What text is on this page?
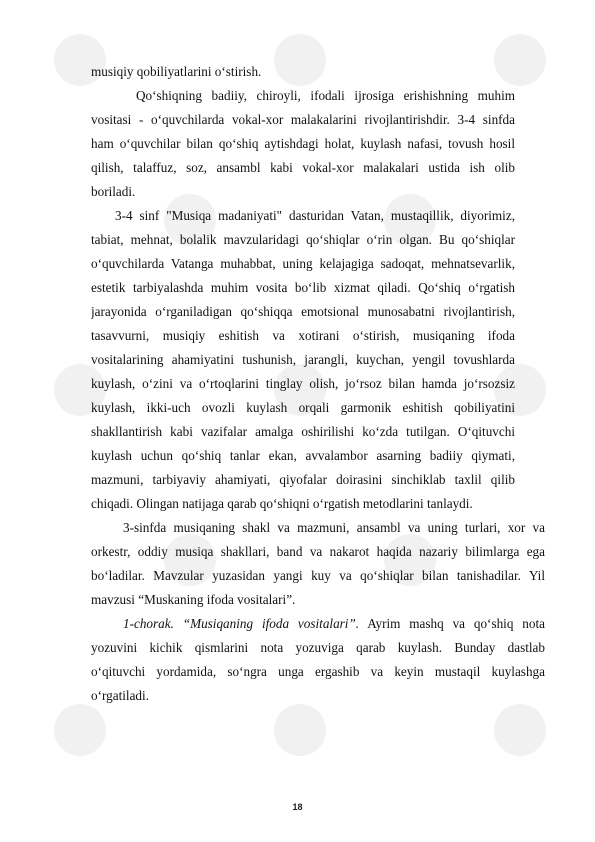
musiqiy qobiliyatlarini o‘stirish.
Qo‘shiqning badiiy, chiroyli, ifodali ijrosiga erishishning muhim
vositasi - o‘quvchilarda vokal-xor malakalarini rivojlantirishdir. 3-4 sinfda
ham o‘quvchilar bilan qo‘shiq aytishdagi holat, kuylash nafasi, tovush hosil
qilish, talaffuz, soz, ansambl kabi vokal-xor malakalari ustida ish olib
boriladi.
3-4 sinf "Musiqa madaniyati" dasturidan Vatan, mustaqillik, diyorimiz,
tabiat, mehnat, bolalik mavzularidagi qo‘shiqlar o‘rin olgan. Bu qo‘shiqlar
o‘quvchilarda Vatanga muhabbat, uning kelajagiga sadoqat, mehnatsevarlik,
estetik tarbiyalashda muhim vosita bo‘lib xizmat qiladi. Qo‘shiq o‘rgatish
jarayonida o‘rganiladigan qo‘shiqqa emotsional munosabatni rivojlantirish,
tasavvurni, musiqiy eshitish va xotirani o‘stirish, musiqaning ifoda
vositalarining ahamiyatini tushunish, jarangli, kuychan, yengil tovushlarda
kuylash, o‘zini va o‘rtoqlarini tinglay olish, jo‘rsoz bilan hamda jo‘rsozsiz
kuylash, ikki-uch ovozli kuylash orqali garmonik eshitish qobiliyatini
shakllantirish kabi vazifalar amalga oshirilishi ko‘zda tutilgan. O‘qituvchi
kuylash uchun qo‘shiq tanlar ekan, avvalambor asarning badiiy qiymati,
mazmuni, tarbiyaviy ahamiyati, qiyofalar doirasini sinchiklab taxlil qilib
chiqadi. Olingan natijaga qarab qo‘shiqni o‘rgatish metodlarini tanlaydi.
3-sinfda musiqaning shakl va mazmuni, ansambl va uning turlari, xor va
orkestr, oddiy musiqa shakllari, band va nakarot haqida nazariy bilimlarga ega
bo‘ladilar. Mavzular yuzasidan yangi kuy va qo‘shiqlar bilan tanishadilar. Yil
mavzusi “Muskaning ifoda vositalari”.
1-chorak. “Musiqaning ifoda vositalari”. Ayrim mashq va qo‘shiq nota
yozuvini kichik qismlarini nota yozuviga qarab kuylash. Bunday dastlab
o‘qituvchi yordamida, so‘ngra unga ergashib va keyin mustaqil kuylashga
o‘rgatiladi.
18
